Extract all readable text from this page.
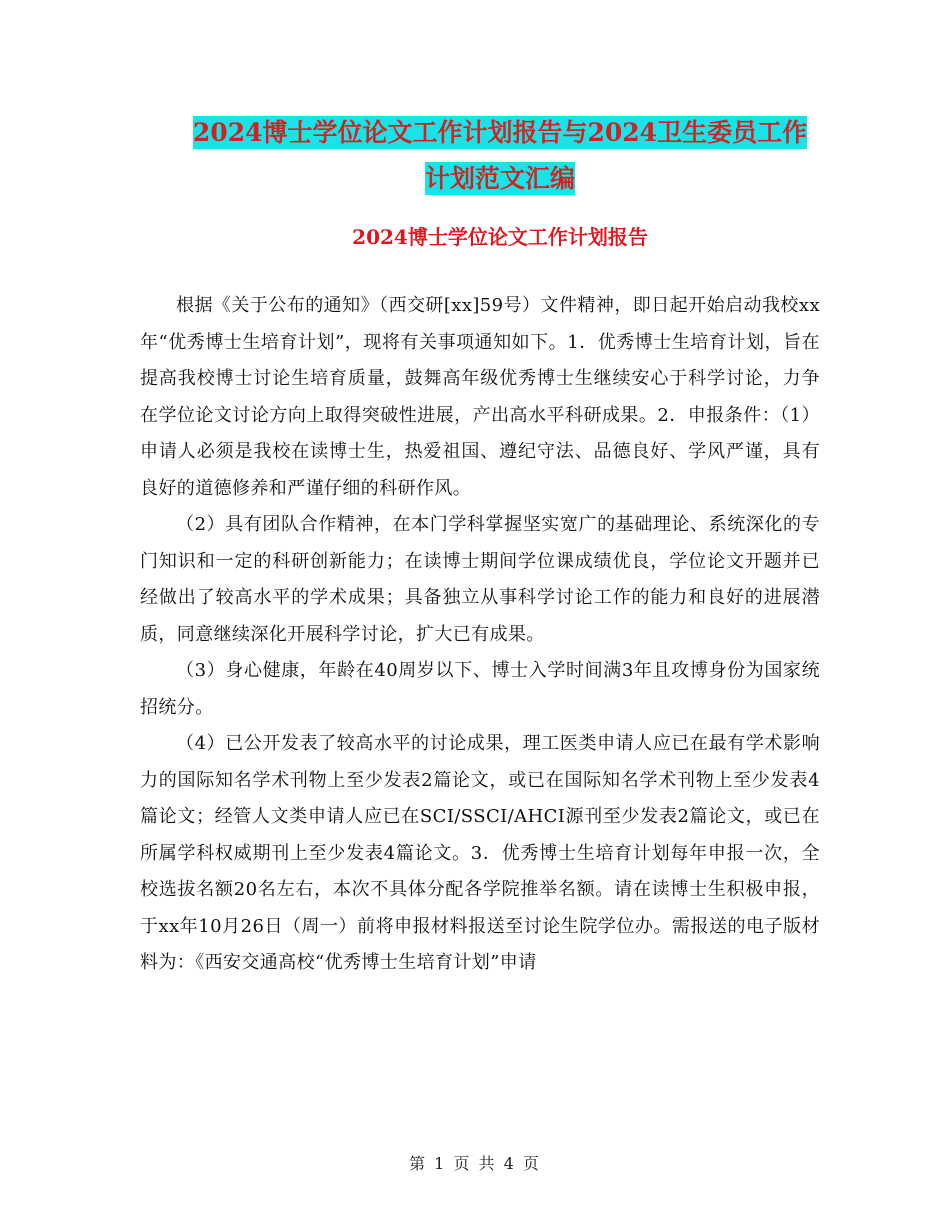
2024博士学位论文工作计划报告与2024卫生委员工作
计划范文汇编
2024博士学位论文工作计划报告

根据《关于公布的通知》（西交研[xx]59号）文件精神，即日起开始启动我校xx年“优秀博士生培育计划”，现将有关事项通知如下。1．优秀博士生培育计划，旨在提高我校博士讨论生培育质量，鼓舞高年级优秀博士生继续安心于科学讨论，力争在学位论文讨论方向上取得突破性进展，产出高水平科研成果。2．申报条件：（1）申请人必须是我校在读博士生，热爱祖国、遵纪守法、品德良好、学风严谨，具有良好的道德修养和严谨仔细的科研作风。

（2）具有团队合作精神，在本门学科掌握坚实宽广的基础理论、系统深化的专门知识和一定的科研创新能力；在读博士期间学位课成绩优良，学位论文开题并已经做出了较高水平的学术成果；具备独立从事科学讨论工作的能力和良好的进展潜质，同意继续深化开展科学讨论，扩大已有成果。

（3）身心健康，年龄在40周岁以下、博士入学时间满3年且攻博身份为国家统招统分。

（4）已公开发表了较高水平的讨论成果，理工医类申请人应已在最有学术影响力的国际知名学术刊物上至少发表2篇论文，或已在国际知名学术刊物上至少发表4篇论文；经管人文类申请人应已在SCI/SSCI/AHCI源刊至少发表2篇论文，或已在所属学科权威期刊上至少发表4篇论文。3．优秀博士生培育计划每年申报一次，全校选拔名额20名左右，本次不具体分配各学院推举名额。请在读博士生积极申报，于xx年10月26日（周一）前将申报材料报送至讨论生院学位办。需报送的电子版材料为：《西安交通高校“优秀博士生培育计划”申请

第 1 页 共 4 页
